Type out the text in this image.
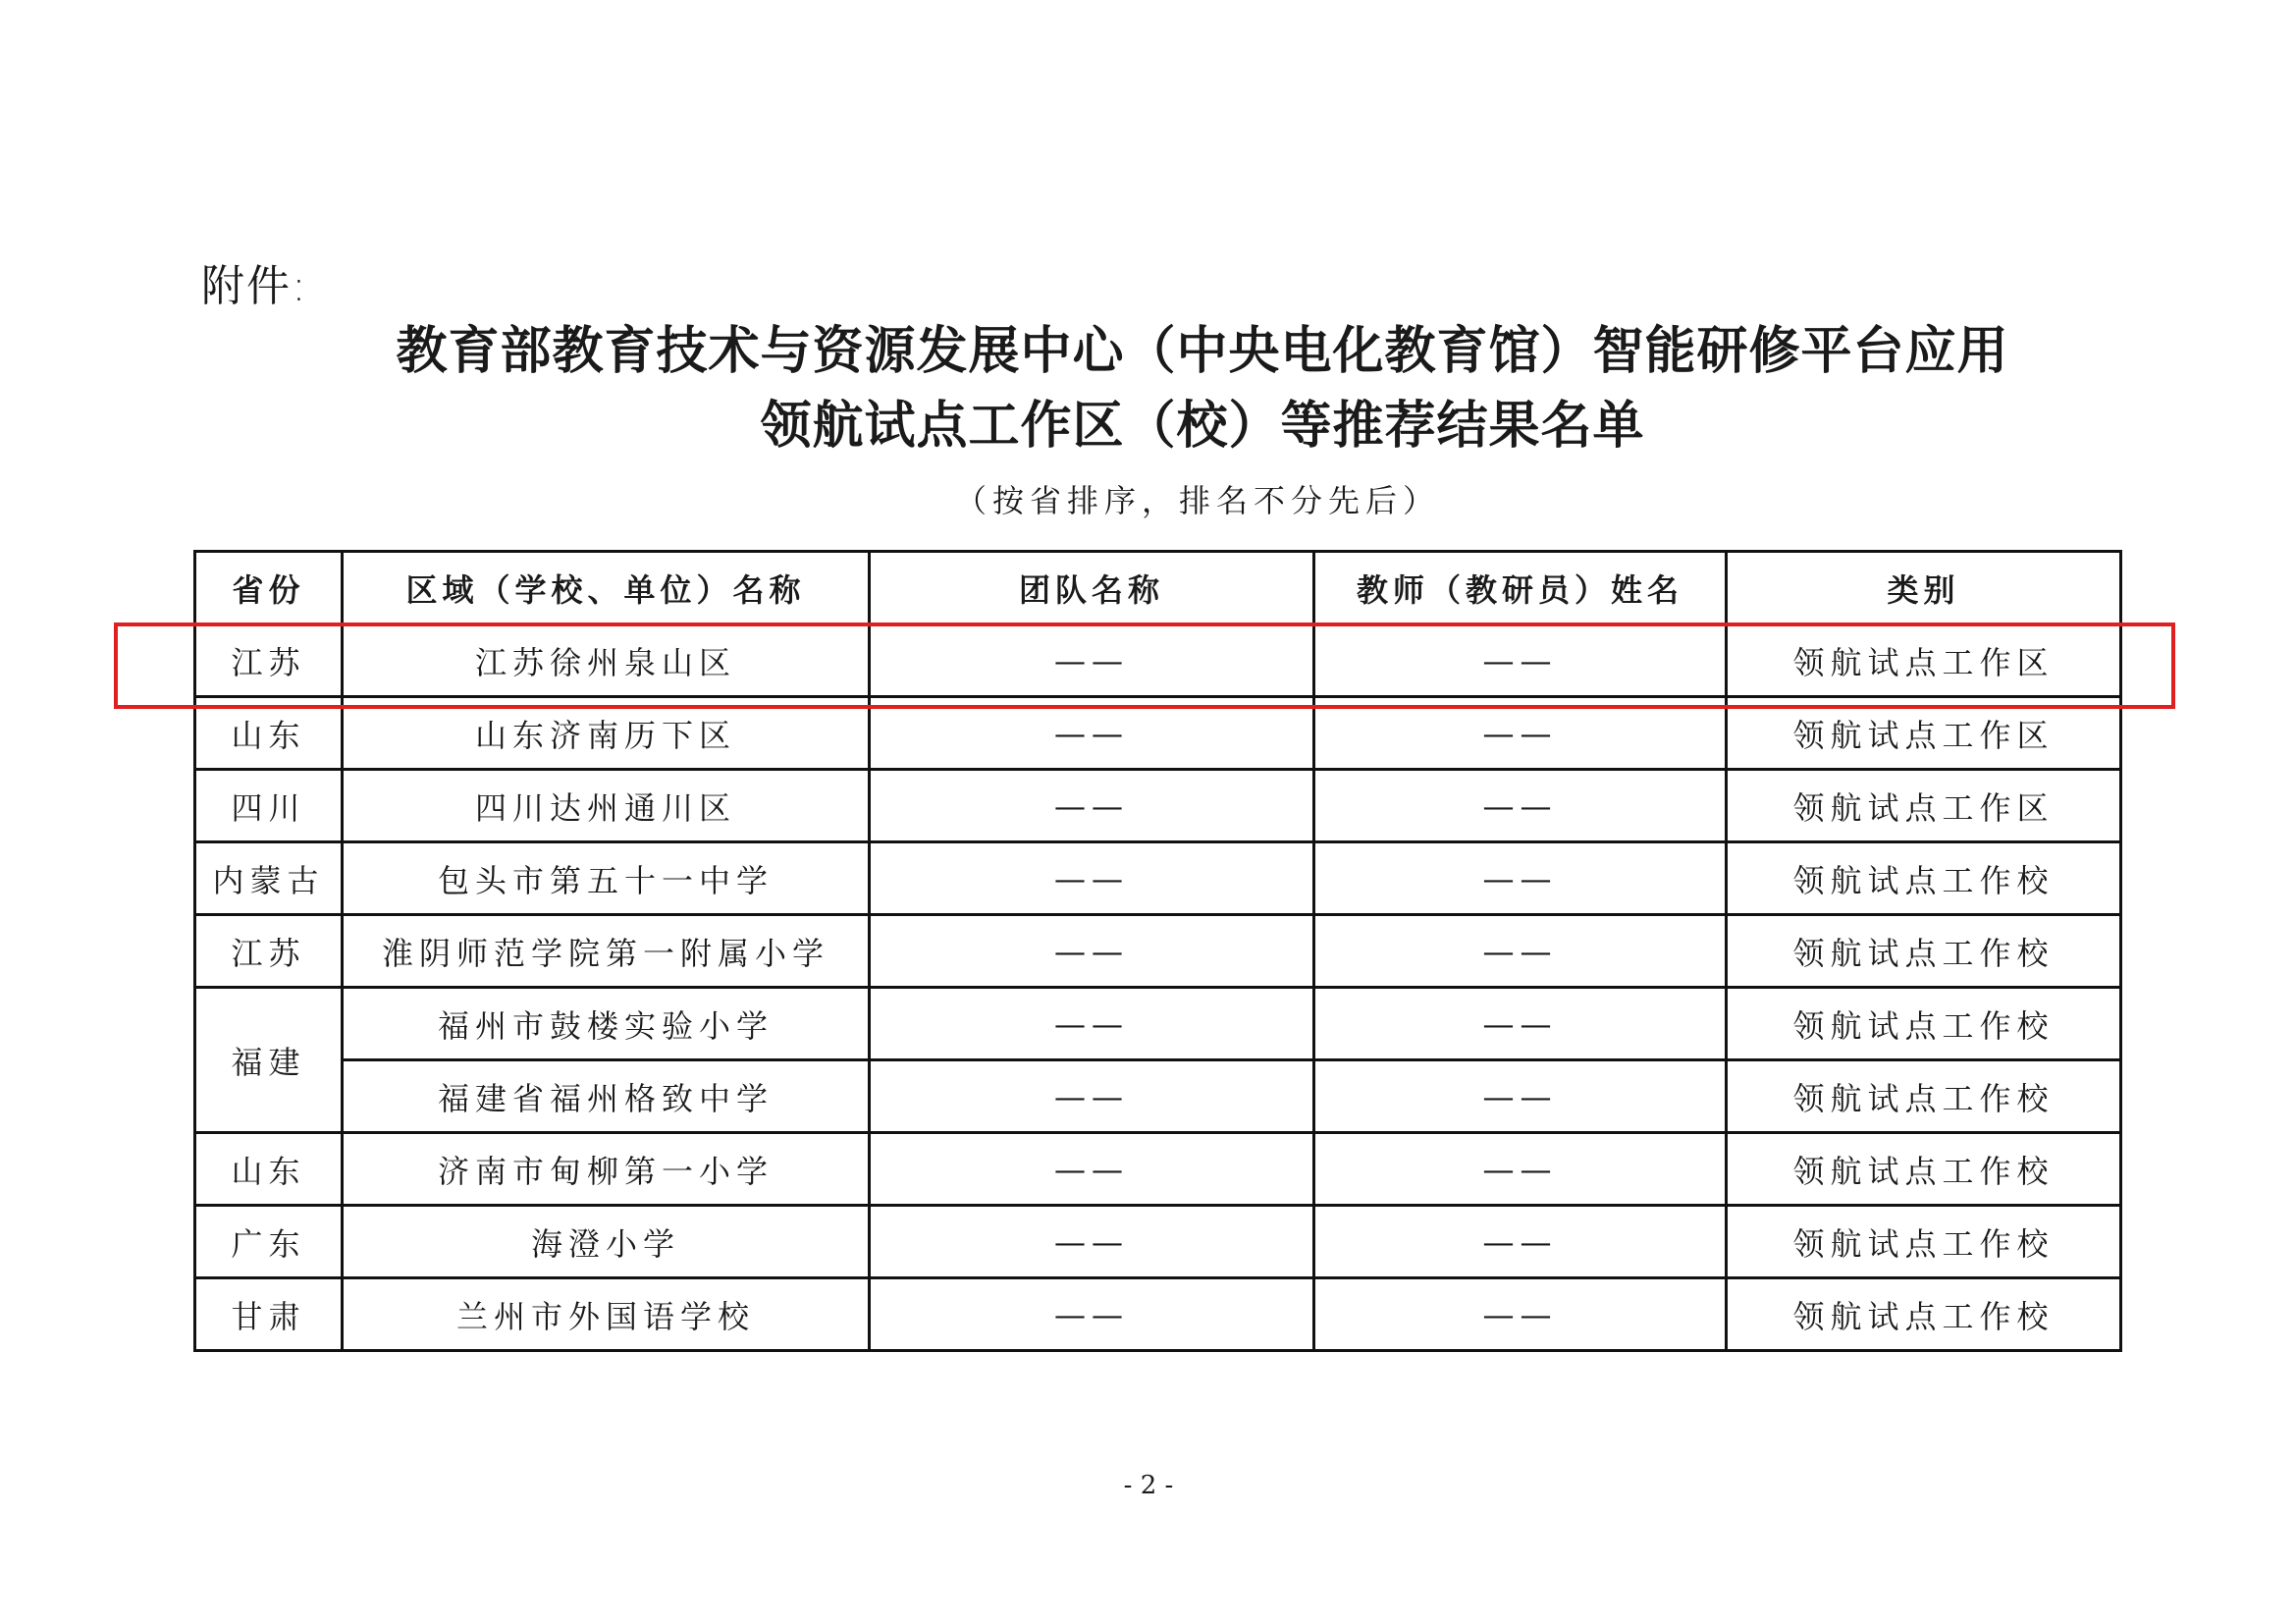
附件:
教育部教育技术与资源发展中心（中央电化教育馆）智能研修平台应用
领航试点工作区（校）等推荐结果名单
（按省排序，排名不分先后）
省份	区域（学校、单位）名称	团队名称	教师（教研员）姓名	类别
江苏	江苏徐州泉山区	——	——	领航试点工作区
山东	山东济南历下区	——	——	领航试点工作区
四川	四川达州通川区	——	——	领航试点工作区
内蒙古	包头市第五十一中学	——	——	领航试点工作校
江苏	淮阴师范学院第一附属小学	——	——	领航试点工作校
福建	福州市鼓楼实验小学	——	——	领航试点工作校
	福建省福州格致中学	——	——	领航试点工作校
山东	济南市甸柳第一小学	——	——	领航试点工作校
广东	海澄小学	——	——	领航试点工作校
甘肃	兰州市外国语学校	——	——	领航试点工作校
- 2 -
